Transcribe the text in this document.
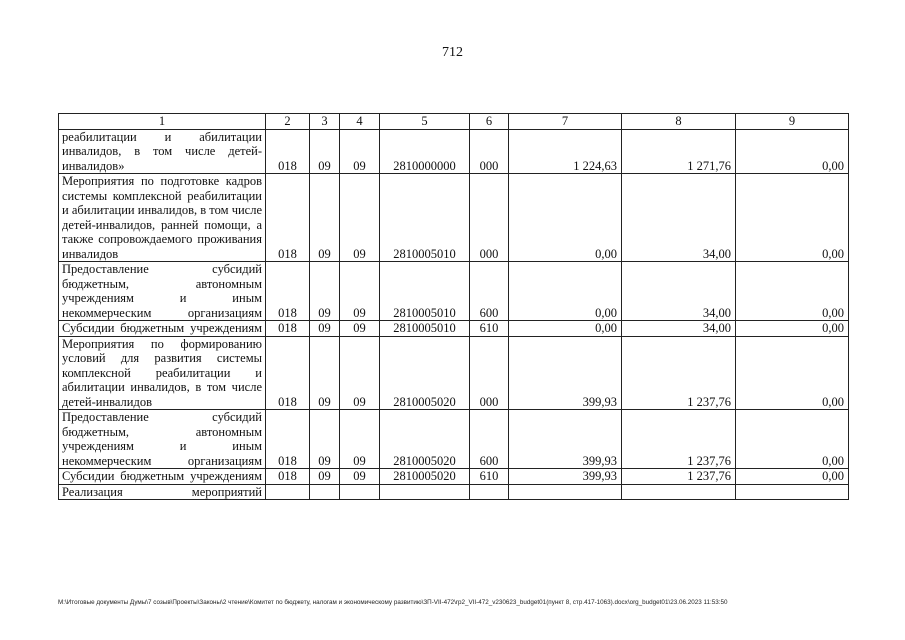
712
1	2	3	4	5	6	7	8	9
реабилитации и абилитации инвалидов, в том числе детей-инвалидов»	018	09	09	2810000000	000	1 224,63	1 271,76	0,00
Мероприятия по подготовке кадров системы комплексной реабилитации и абилитации инвалидов, в том числе детей-инвалидов, ранней помощи, а также сопровождаемого проживания инвалидов	018	09	09	2810005010	000	0,00	34,00	0,00
Предоставление субсидий бюджетным, автономным учреждениям и иным некоммерческим организациям	018	09	09	2810005010	600	0,00	34,00	0,00
Субсидии бюджетным учреждениям	018	09	09	2810005010	610	0,00	34,00	0,00
Мероприятия по формированию условий для развития системы комплексной реабилитации и абилитации инвалидов, в том числе детей-инвалидов	018	09	09	2810005020	000	399,93	1 237,76	0,00
Предоставление субсидий бюджетным, автономным учреждениям и иным некоммерческим организациям	018	09	09	2810005020	600	399,93	1 237,76	0,00
Субсидии бюджетным учреждениям	018	09	09	2810005020	610	399,93	1 237,76	0,00
Реализация мероприятий								
M:\Итоговые документы Думы\7 созыв\Проекты\Законы\2 чтение\Комитет по бюджету, налогам и экономическому развитию\ЗП-VII-472\rp2_VII-472_v230623_budget01(пункт 8, стр.417-1063).docx\org_budget01\23.06.2023 11:53:50
